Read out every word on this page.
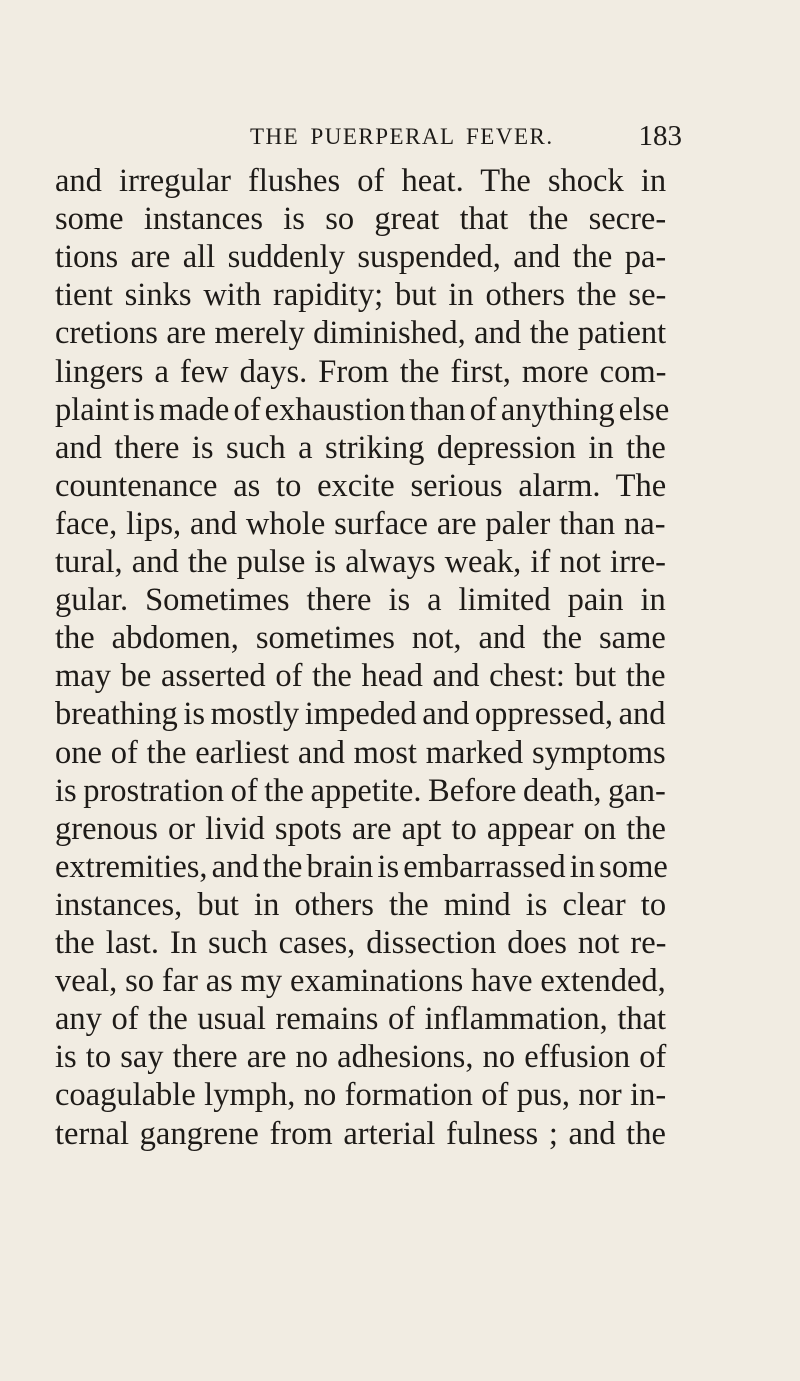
THE PUERPERAL FEVER.	183
and irregular flushes of heat. The shock in
some instances is so great that the secre-
tions are all suddenly suspended, and the pa-
tient sinks with rapidity; but in others the se-
cretions are merely diminished, and the patient
lingers a few days. From the first, more com-
plaint is made of exhaustion than of anything else
and there is such a striking depression in the
countenance as to excite serious alarm. The
face, lips, and whole surface are paler than na-
tural, and the pulse is always weak, if not irre-
gular. Sometimes there is a limited pain in
the abdomen, sometimes not, and the same
may be asserted of the head and chest: but the
breathing is mostly impeded and oppressed, and
one of the earliest and most marked symptoms
is prostration of the appetite. Before death, gan-
grenous or livid spots are apt to appear on the
extremities, and the brain is embarrassed in some
instances, but in others the mind is clear to
the last. In such cases, dissection does not re-
veal, so far as my examinations have extended,
any of the usual remains of inflammation, that
is to say there are no adhesions, no effusion of
coagulable lymph, no formation of pus, nor in-
ternal gangrene from arterial fulness ; and the
